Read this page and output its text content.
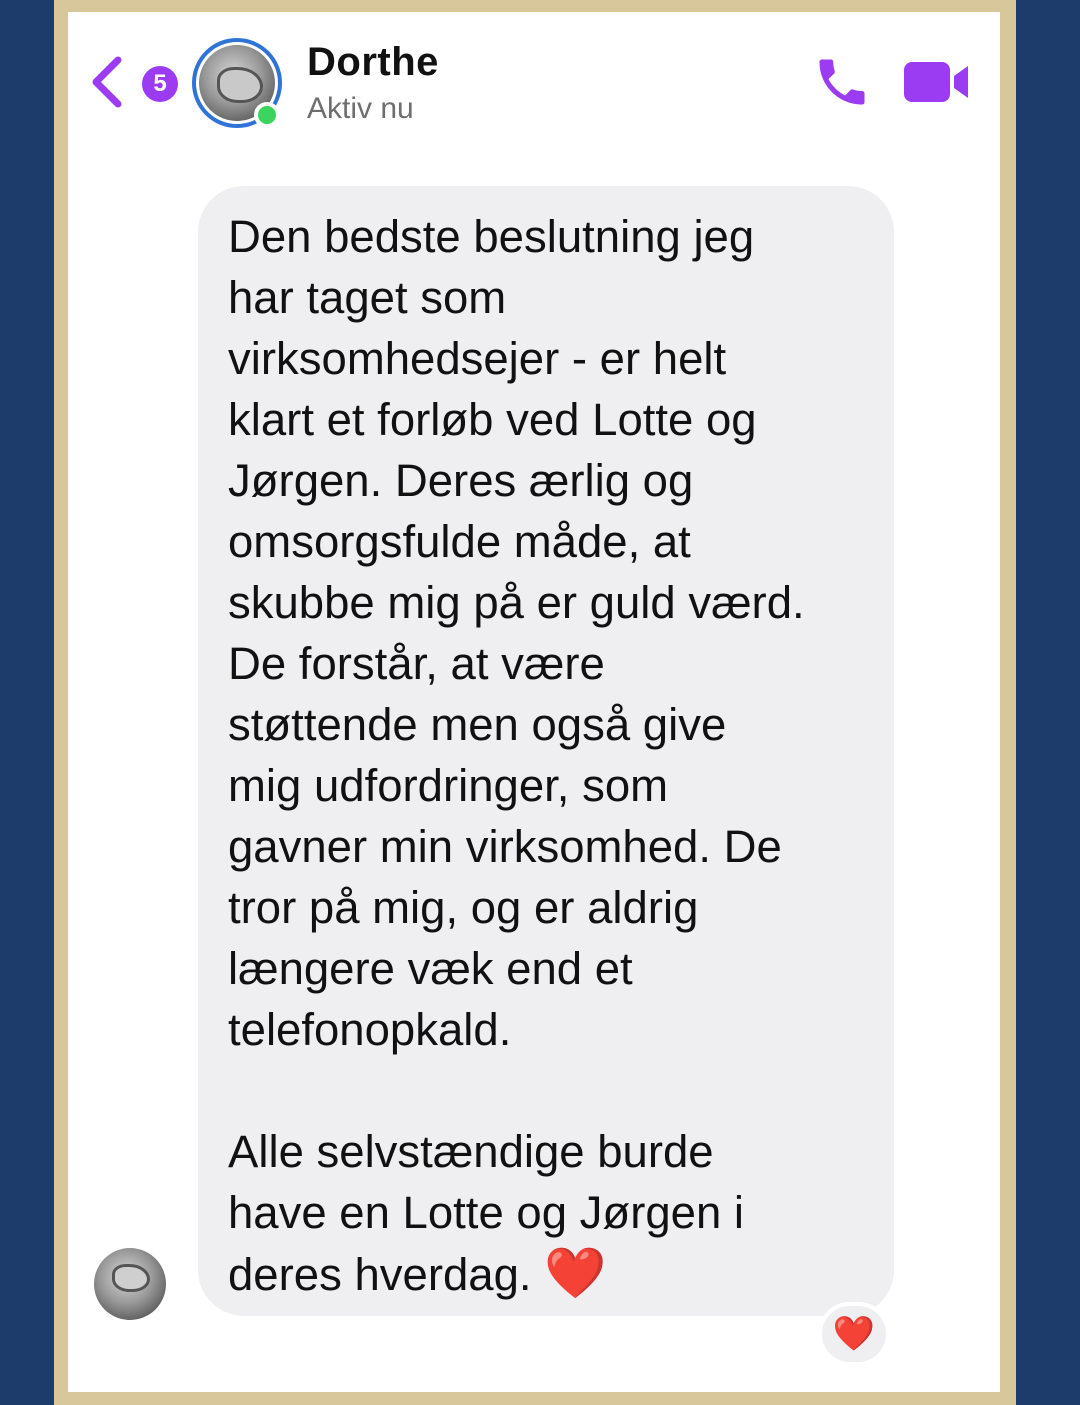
5	Dorthe
Aktiv nu

Den bedste beslutning jeg
har taget som
virksomhedsejer - er helt
klart et forløb ved Lotte og
Jørgen. Deres ærlig og
omsorgsfulde måde, at
skubbe mig på er guld værd.
De forstår, at være
støttende men også give
mig udfordringer, som
gavner min virksomhed. De
tror på mig, og er aldrig
længere væk end et
telefonopkald.

Alle selvstændige burde
have en Lotte og Jørgen i
deres hverdag. ❤️

❤️
